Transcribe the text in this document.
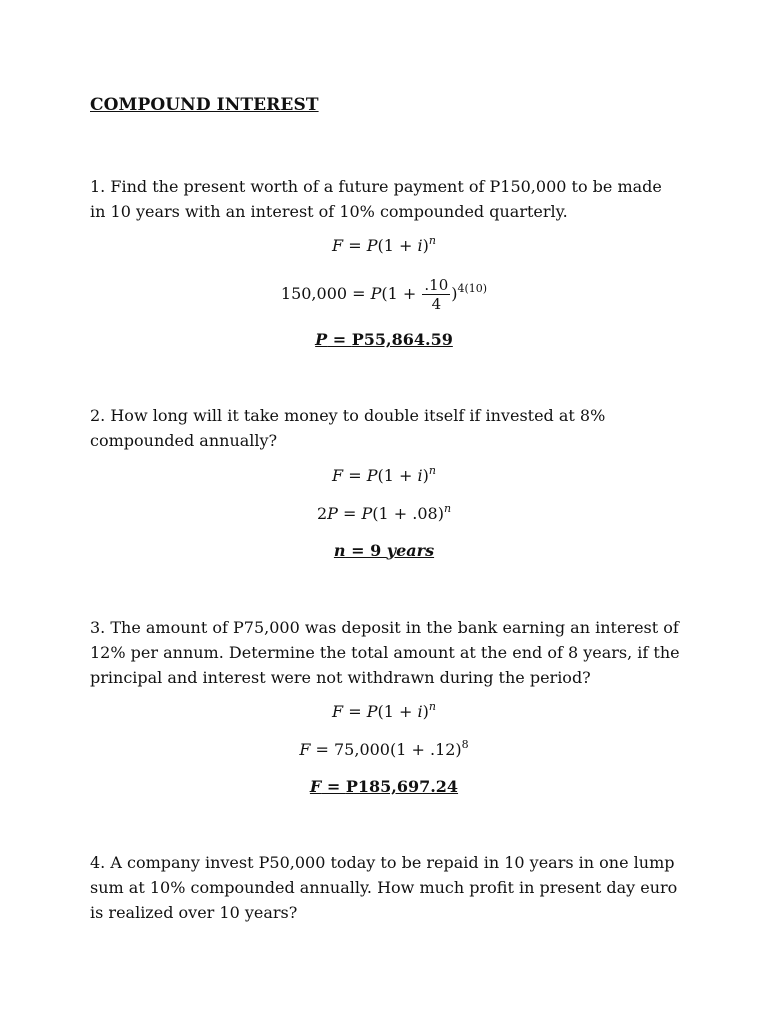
COMPOUND INTEREST
1. Find the present worth of a future payment of P150,000 to be made in 10 years with an interest of 10% compounded quarterly.
$F = P(1 + i)^n$
$150,000 = P(1 + \frac{.10}{4} )^{4(10)}$
P = P55,864.59
2. How long will it take money to double itself if invested at 8% compounded annually?
$F = P(1 + i)^n$
$2P = P(1 + .08)^n$
n = 9 years
3. The amount of P75,000 was deposit in the bank earning an interest of 12% per annum. Determine the total amount at the end of 8 years, if the principal and interest were not withdrawn during the period?
$F = P(1 + i)^n$
$F = 75,000(1 + .12)^8$
F = P185,697.24
4. A company invest P50,000 today to be repaid in 10 years in one lump sum at 10% compounded annually. How much profit in present day euro is realized over 10 years?
